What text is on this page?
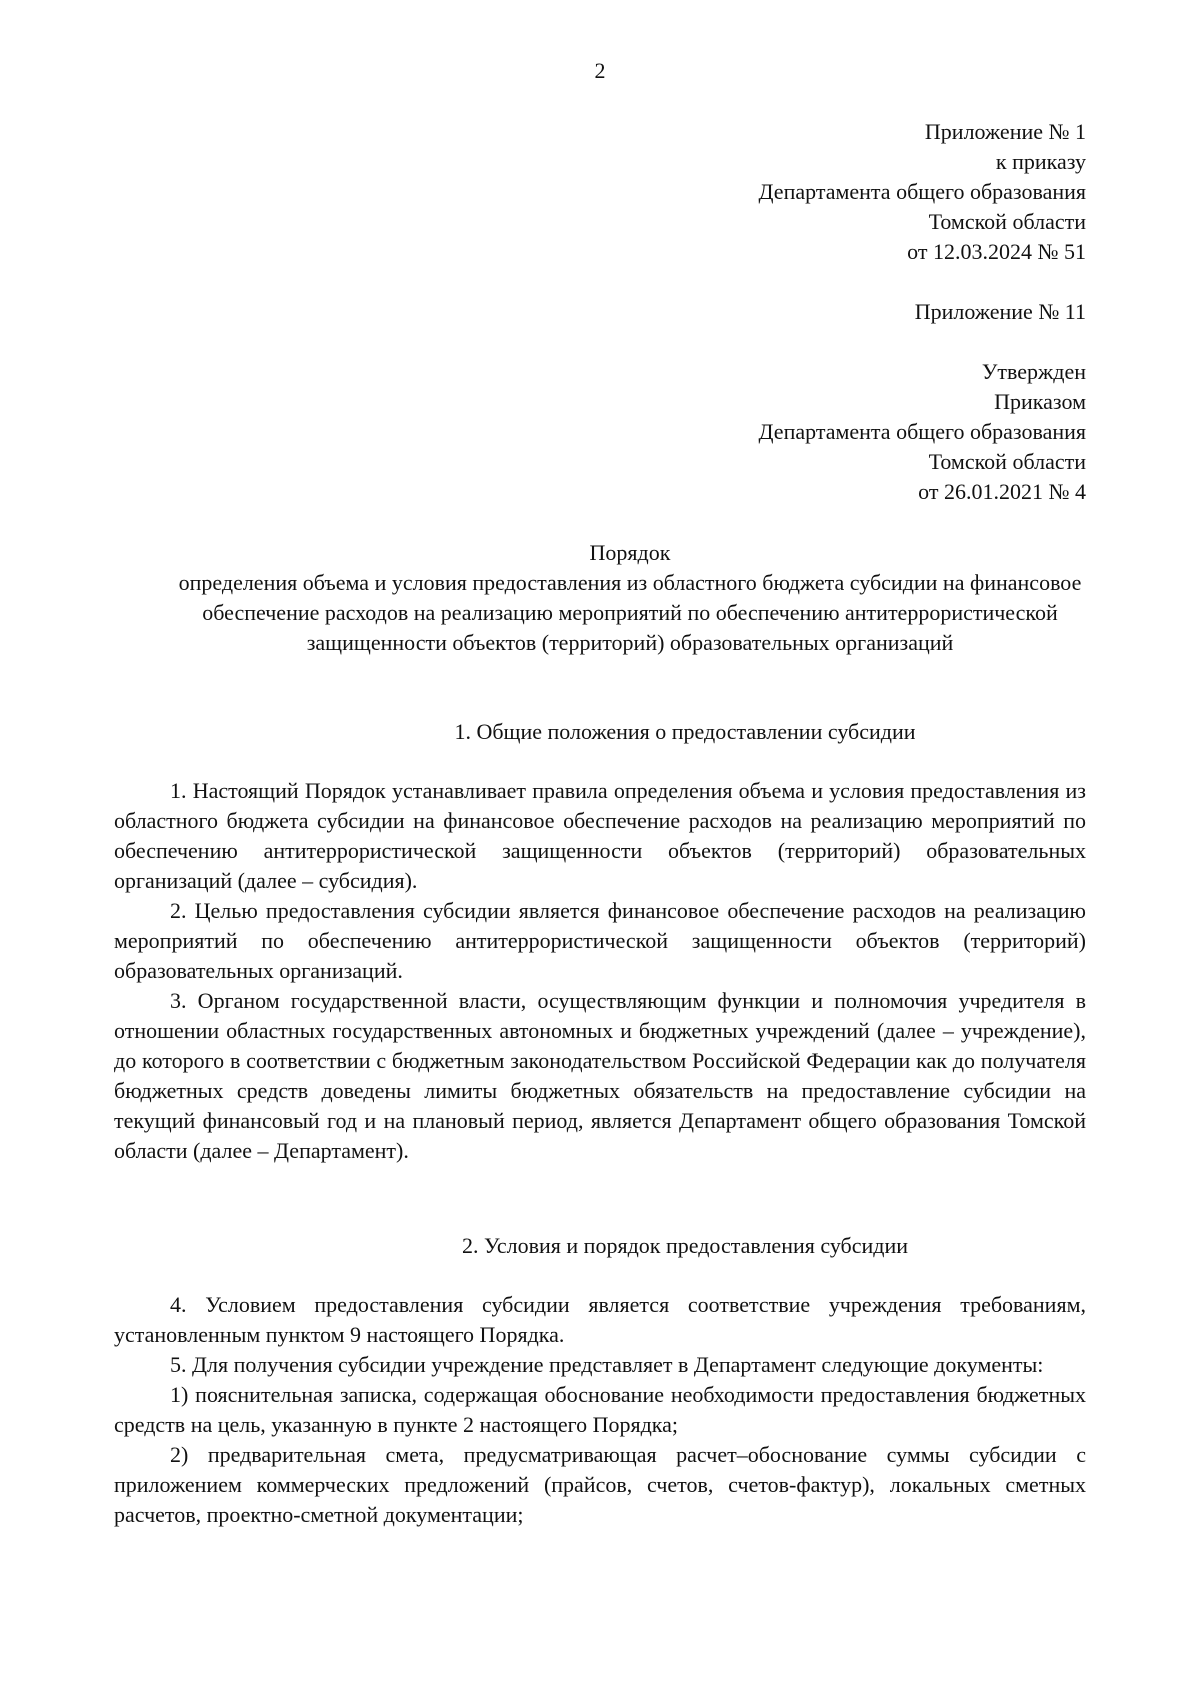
2
Приложение № 1
к приказу
Департамента общего образования
Томской области
от 12.03.2024 № 51
Приложение № 11
Утвержден
Приказом
Департамента общего образования
Томской области
от 26.01.2021 № 4
Порядок
определения объема и условия предоставления из областного бюджета субсидии на финансовое обеспечение расходов на реализацию мероприятий по обеспечению антитеррористической защищенности объектов (территорий) образовательных организаций
1. Общие положения о предоставлении субсидии

1. Настоящий Порядок устанавливает правила определения объема и условия предоставления из областного бюджета субсидии на финансовое обеспечение расходов на реализацию мероприятий по обеспечению антитеррористической защищенности объектов (территорий) образовательных организаций (далее – субсидия).

2. Целью предоставления субсидии является финансовое обеспечение расходов на реализацию мероприятий по обеспечению антитеррористической защищенности объектов (территорий) образовательных организаций.

3. Органом государственной власти, осуществляющим функции и полномочия учредителя в отношении областных государственных автономных и бюджетных учреждений (далее – учреждение), до которого в соответствии с бюджетным законодательством Российской Федерации как до получателя бюджетных средств доведены лимиты бюджетных обязательств на предоставление субсидии на текущий финансовый год и на плановый период, является Департамент общего образования Томской области (далее – Департамент).

2. Условия и порядок предоставления субсидии

4. Условием предоставления субсидии является соответствие учреждения требованиям, установленным пунктом 9 настоящего Порядка.

5. Для получения субсидии учреждение представляет в Департамент следующие документы:

1) пояснительная записка, содержащая обоснование необходимости предоставления бюджетных средств на цель, указанную в пункте 2 настоящего Порядка;

2) предварительная смета, предусматривающая расчет–обоснование суммы субсидии с приложением коммерческих предложений (прайсов, счетов, счетов-фактур), локальных сметных расчетов, проектно-сметной документации;
